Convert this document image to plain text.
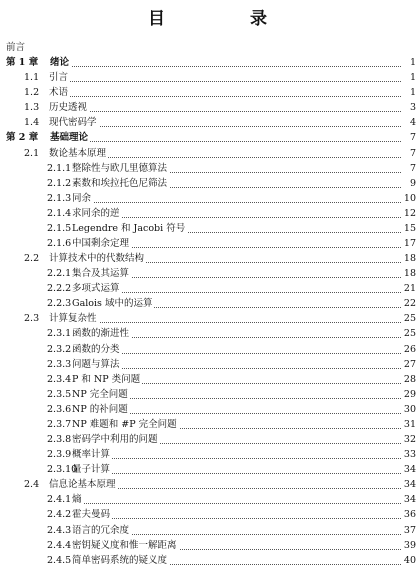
目　录
前言
第 1 章 绪论	1
1.1 引言	1
1.2 术语	1
1.3 历史透视	3
1.4 现代密码学	4
第 2 章 基础理论	7
2.1 数论基本原理	7
2.1.1整除性与欧几里德算法	7
2.1.2素数和埃拉托色尼筛法	9
2.1.3同余	10
2.1.4求同余的逆	12
2.1.5Legendre 和 Jacobi 符号	15
2.1.6中国剩余定理	17
2.2 计算技术中的代数结构	18
2.2.1集合及其运算	18
2.2.2多项式运算	21
2.2.3Galois 域中的运算	22
2.3 计算复杂性	25
2.3.1函数的渐进性	25
2.3.2函数的分类	26
2.3.3问题与算法	27
2.3.4P 和 NP 类问题	28
2.3.5NP 完全问题	29
2.3.6NP 的补问题	30
2.3.7NP 难题和 #P 完全问题	31
2.3.8密码学中利用的问题	32
2.3.9概率计算	33
2.3.10量子计算	34
2.4 信息论基本原理	34
2.4.1熵	34
2.4.2霍夫曼码	36
2.4.3语言的冗余度	37
2.4.4密钥疑义度和惟一解距离	39
2.4.5简单密码系统的疑义度	40
